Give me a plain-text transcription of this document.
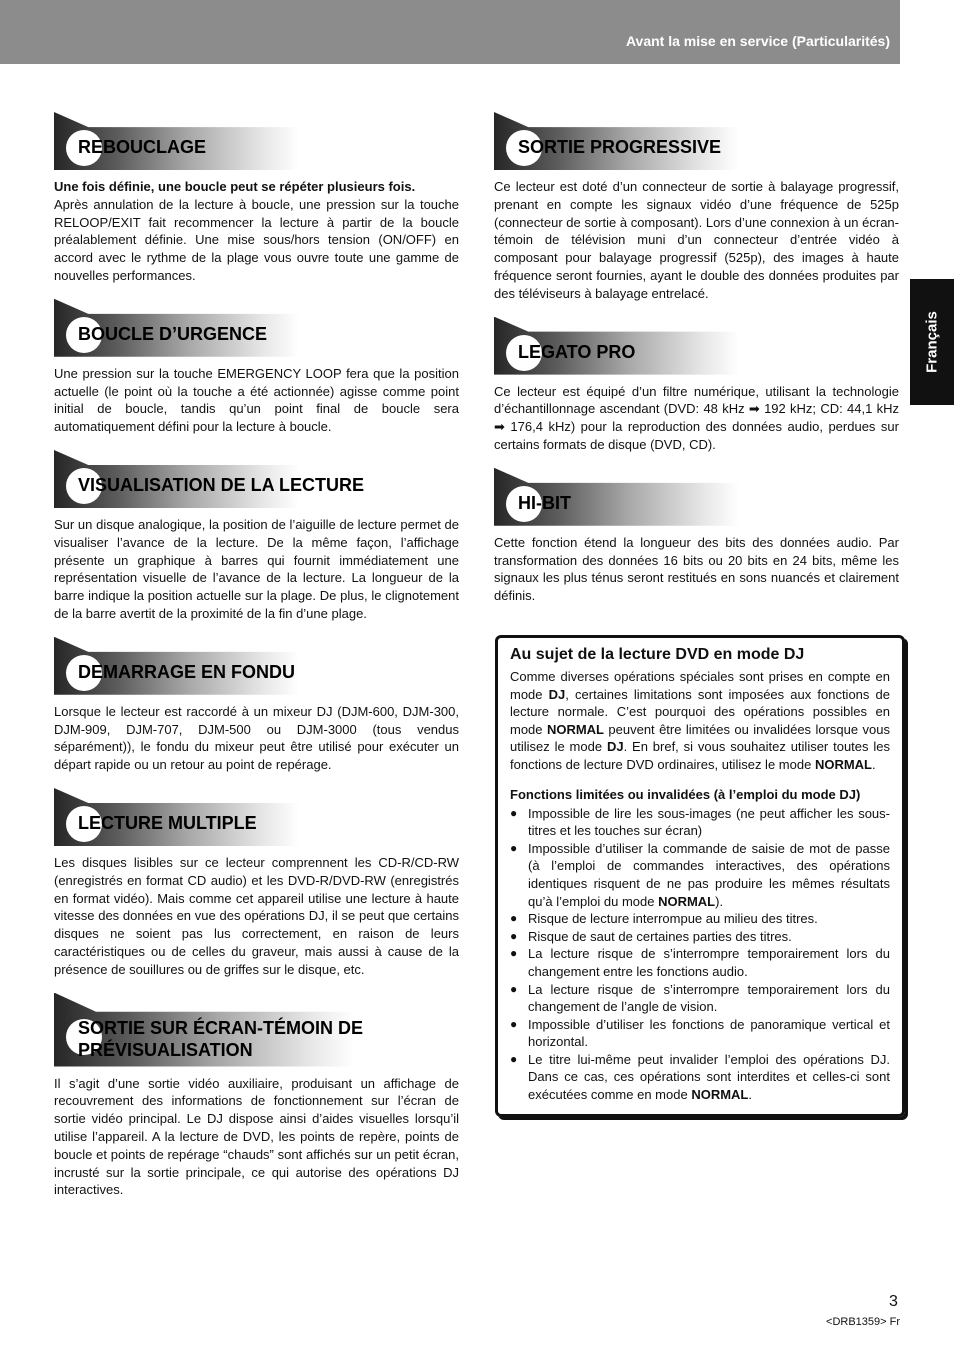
Avant la mise en service (Particularités)
Français
REBOUCLAGE

Une fois définie, une boucle peut se répéter plusieurs fois.
Après annulation de la lecture à boucle, une pression sur la touche RELOOP/EXIT fait recommencer la lecture à partir de la boucle préalablement définie. Une mise sous/hors tension (ON/OFF) en accord avec le rythme de la plage vous ouvre toute une gamme de nouvelles performances.

BOUCLE D’URGENCE

Une pression sur la touche EMERGENCY LOOP fera que la position actuelle (le point où la touche a été actionnée) agisse comme point initial de boucle, tandis qu’un point final de boucle sera automatiquement défini pour la lecture à boucle.

VISUALISATION DE LA LECTURE

Sur un disque analogique, la position de l’aiguille de lecture permet de visualiser l’avance de la lecture. De la même façon, l’affichage présente un graphique à barres qui fournit immédiatement une représentation visuelle de l’avance de la lecture. La longueur de la barre indique la position actuelle sur la plage. De plus, le clignotement de la barre avertit de la proximité de la fin d’une plage.

DEMARRAGE EN FONDU

Lorsque le lecteur est raccordé à un mixeur DJ (DJM-600, DJM-300, DJM-909, DJM-707, DJM-500 ou DJM-3000 (tous vendus séparément)), le fondu du mixeur peut être utilisé pour exécuter un départ rapide ou un retour au point de repérage.

LECTURE MULTIPLE

Les disques lisibles sur ce lecteur comprennent les CD-R/CD-RW (enregistrés en format CD audio) et les DVD-R/DVD-RW (enregistrés en format vidéo). Mais comme cet appareil utilise une lecture à haute vitesse des données en vue des opérations DJ, il se peut que certains disques ne soient pas lus correctement, en raison de leurs caractéristiques ou de celles du graveur, mais aussi à cause de la présence de souillures ou de griffes sur le disque, etc.

SORTIE SUR ÉCRAN-TÉMOIN DE PRÉVISUALISATION

Il s’agit d’une sortie vidéo auxiliaire, produisant un affichage de recouvrement des informations de fonctionnement sur l’écran de sortie vidéo principal. Le DJ dispose ainsi d’aides visuelles lorsqu’il utilise l’appareil. A la lecture de DVD, les points de repère, points de boucle et points de repérage “chauds” sont affichés sur un petit écran, incrusté sur la sortie principale, ce qui autorise des opérations DJ interactives.

SORTIE PROGRESSIVE

Ce lecteur est doté d’un connecteur de sortie à balayage progressif, prenant en compte les signaux vidéo d’une fréquence de 525p (connecteur de sortie à composant). Lors d’une connexion à un écran-témoin de télévision muni d’un connecteur d’entrée vidéo à composant pour balayage progressif (525p), des images à haute fréquence seront fournies, ayant le double des données produites par des téléviseurs à balayage entrelacé.

LEGATO PRO

Ce lecteur est équipé d’un filtre numérique, utilisant la technologie d’échantillonnage ascendant (DVD: 48 kHz ➡ 192 kHz; CD: 44,1 kHz ➡ 176,4 kHz) pour la reproduction des données audio, perdues sur certains formats de disque (DVD, CD).

HI-BIT

Cette fonction étend la longueur des bits des données audio. Par transformation des données 16 bits ou 20 bits en 24 bits, même les signaux les plus ténus seront restitués en sons nuancés et clairement définis.

Au sujet de la lecture DVD en mode DJ

Comme diverses opérations spéciales sont prises en compte en mode DJ, certaines limitations sont imposées aux fonctions de lecture normale. C’est pourquoi des opérations possibles en mode NORMAL peuvent être limitées ou invalidées lorsque vous utilisez le mode DJ. En bref, si vous souhaitez utiliser toutes les fonctions de lecture DVD ordinaires, utilisez le mode NORMAL.

Fonctions limitées ou invalidées (à l’emploi du mode DJ)
● Impossible de lire les sous-images (ne peut afficher les sous-titres et les touches sur écran)
● Impossible d’utiliser la commande de saisie de mot de passe (à l’emploi de commandes interactives, des opérations identiques risquent de ne pas produire les mêmes résultats qu’à l’emploi du mode NORMAL).
● Risque de lecture interrompue au milieu des titres.
● Risque de saut de certaines parties des titres.
● La lecture risque de s’interrompre temporairement lors du changement entre les fonctions audio.
● La lecture risque de s’interrompre temporairement lors du changement de l’angle de vision.
● Impossible d’utiliser les fonctions de panoramique vertical et horizontal.
● Le titre lui-même peut invalider l’emploi des opérations DJ. Dans ce cas, ces opérations sont interdites et celles-ci sont exécutées comme en mode NORMAL.
3
<DRB1359> Fr
